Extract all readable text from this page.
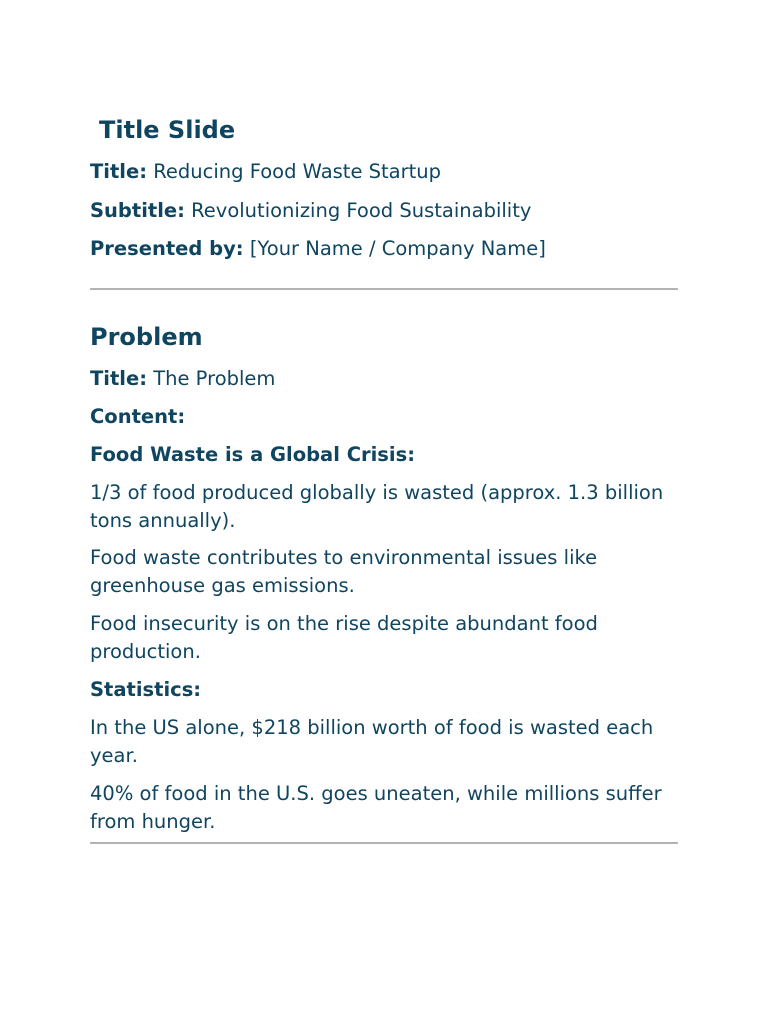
Title Slide

Title: Reducing Food Waste Startup

Subtitle: Revolutionizing Food Sustainability

Presented by: [Your Name / Company Name]

Problem

Title: The Problem

Content:

Food Waste is a Global Crisis:

1/3 of food produced globally is wasted (approx. 1.3 billion tons annually).

Food waste contributes to environmental issues like greenhouse gas emissions.

Food insecurity is on the rise despite abundant food production.

Statistics:

In the US alone, $218 billion worth of food is wasted each year.

40% of food in the U.S. goes uneaten, while millions suffer from hunger.
